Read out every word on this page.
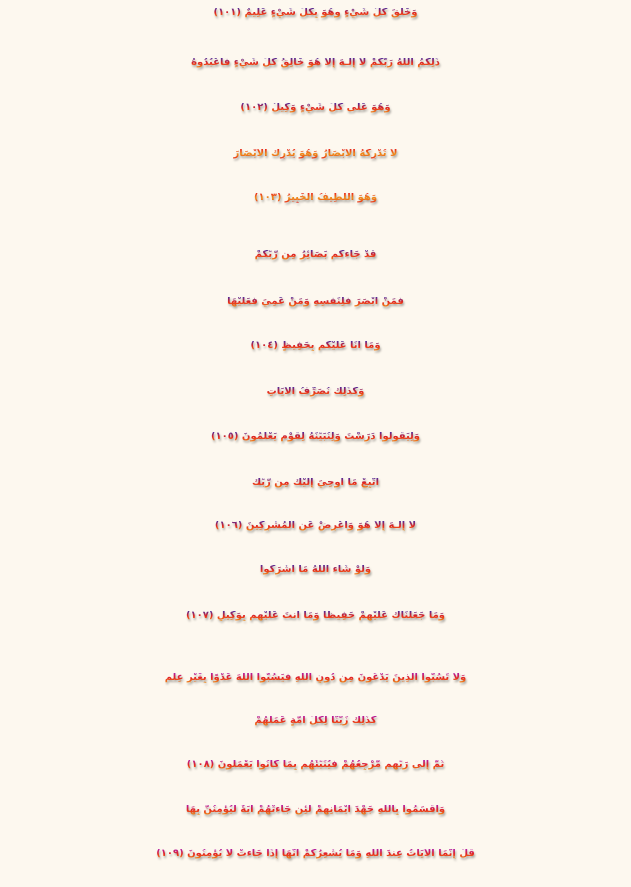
وَخَلَقَ كُلَّ شَيْءٍ وهُوَ بِكُلِّ شَيْءٍ عَلِيمٌ (١٠١)
ذَلِكُمُ اللّهُ رَبُّكُمْ لا إِلَـهَ إِلاَّ هُوَ خَالِقُ كُلِّ شَيْءٍ فَاعْبُدُوهُ
وَهُوَ عَلَى كُلِّ شَيْءٍ وَكِيلٌ (١٠٢)
لاَّ تُدْرِكُهُ الأَبْصَارُ وَهُوَ يُدْرِكُ الأَبْصَارَ
وَهُوَ اللَّطِيفُ الْخَبِيرُ (١٠٣)
قَدْ جَاءكُم بَصَآئِرُ مِن رَّبِّكُمْ
فَمَنْ أَبْصَرَ فَلِنَفْسِهِ وَمَنْ عَمِيَ فَعَلَيْهَا
وَمَا أَنَاْ عَلَيْكُم بِحَفِيظٍ (١٠٤)
وَكَذَلِكَ نُصَرِّفُ الآيَاتِ
وَلِيَقُولُواْ دَرَسْتَ وَلِنُبَيِّنَهُ لِقَوْمٍ يَعْلَمُونَ (١٠٥)
اتَّبِعْ مَا أُوحِيَ إِلَيْكَ مِن رَّبِّكَ
لا إِلَـهَ إِلاَّ هُوَ وَأَعْرِضْ عَنِ الْمُشْرِكِينَ (١٠٦)
وَلَوْ شَاء اللّهُ مَا أَشْرَكُواْ
وَمَا جَعَلْنَاكَ عَلَيْهِمْ حَفِيظًا وَمَا أَنتَ عَلَيْهِم بِوَكِيلٍ (١٠٧)
وَلاَ تَسُبُّواْ الَّذِينَ يَدْعُونَ مِن دُونِ اللّهِ فَيَسُبُّواْ اللّهَ عَدْوًا بِغَيْرِ عِلْمٍ
كَذَلِكَ زَيَّنَّا لِكُلِّ أُمَّةٍ عَمَلَهُمْ
ثُمَّ إِلَى رَبِّهِم مَّرْجِعُهُمْ فَيُنَبِّئُهُم بِمَا كَانُواْ يَعْمَلُونَ (١٠٨)
وَأَقْسَمُواْ بِاللّهِ جَهْدَ أَيْمَانِهِمْ لَئِن جَاءتْهُمْ آيَةٌ لَّيُؤْمِنُنَّ بِهَا
قُلْ إِنَّمَا الآيَاتُ عِندَ اللّهِ وَمَا يُشْعِرُكُمْ أَنَّهَا إِذَا جَاءتْ لاَ يُؤْمِنُونَ (١٠٩)
